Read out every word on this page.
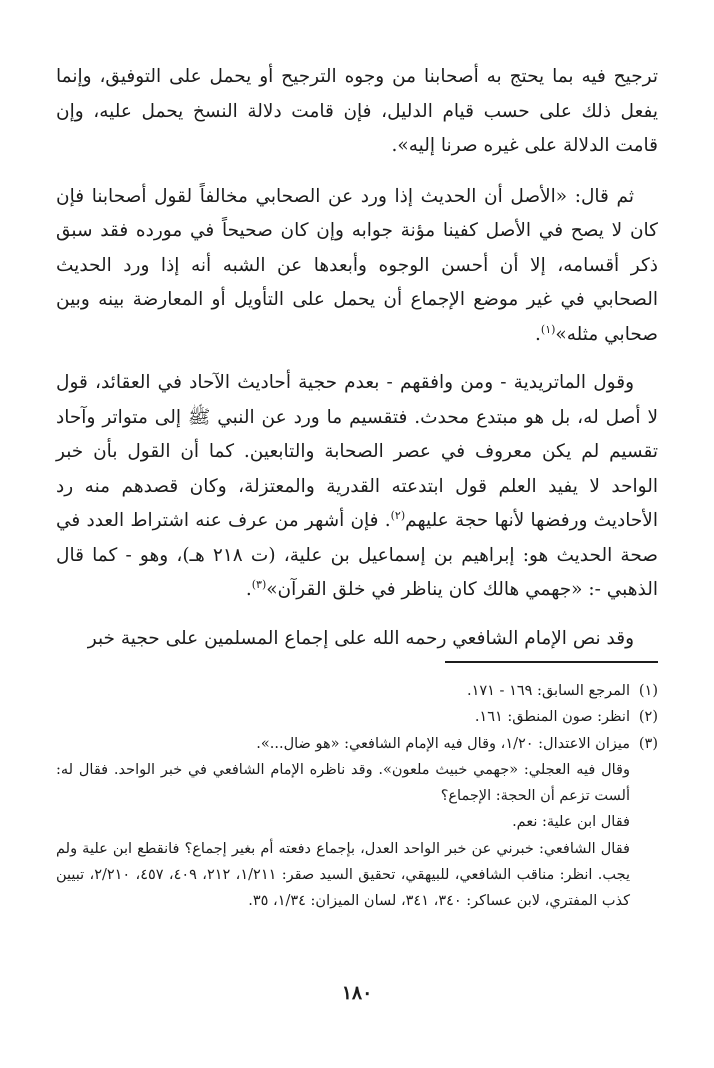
ترجيح فيه بما يحتج به أصحابنا من وجوه الترجيح أو يحمل على التوفيق، وإنما يفعل ذلك على حسب قيام الدليل، فإن قامت دلالة النسخ يحمل عليه، وإن قامت الدلالة على غيره صرنا إليه».

ثم قال: «الأصل أن الحديث إذا ورد عن الصحابي مخالفاً لقول أصحابنا فإن كان لا يصح في الأصل كفينا مؤنة جوابه وإن كان صحيحاً في مورده فقد سبق ذكر أقسامه، إلا أن أحسن الوجوه وأبعدها عن الشبه أنه إذا ورد الحديث الصحابي في غير موضع الإجماع أن يحمل على التأويل أو المعارضة بينه وبين صحابي مثله»$^{(١)}$.

وقول الماتريدية - ومن وافقهم - بعدم حجية أحاديث الآحاد في العقائد، قول لا أصل له، بل هو مبتدع محدث. فتقسيم ما ورد عن النبي ﷺ إلى متواتر وآحاد تقسيم لم يكن معروف في عصر الصحابة والتابعين. كما أن القول بأن خبر الواحد لا يفيد العلم قول ابتدعته القدرية والمعتزلة، وكان قصدهم منه رد الأحاديث ورفضها لأنها حجة عليهم$^{(٢)}$. فإن أشهر من عرف عنه اشتراط العدد في صحة الحديث هو: إبراهيم بن إسماعيل بن علية، (ت ٢١٨ هـ)، وهو - كما قال الذهبي -: «جهمي هالك كان يناظر في خلق القرآن»$^{(٣)}$.

وقد نص الإمام الشافعي رحمه الله على إجماع المسلمين على حجية خبر

(١)
المرجع السابق: ١٦٩ - ١٧١.
(٢)
انظر: صون المنطق: ١٦١.
(٣)
ميزان الاعتدال: ١/٢٠، وقال فيه الإمام الشافعي: «هو ضال...».
وقال فيه العجلي: «جهمي خبيث ملعون». وقد ناظره الإمام الشافعي في خبر الواحد. فقال له: ألست تزعم أن الحجة: الإجماع؟
فقال ابن علية: نعم.
فقال الشافعي: خبرني عن خبر الواحد العدل، بإجماع دفعته أم بغير إجماع؟ فانقطع ابن علية ولم يجب. انظر: مناقب الشافعي، للبيهقي، تحقيق السيد صقر: ١/٢١١، ٢١٢، ٤٠٩، ٤٥٧، ٢/٢١٠، تبيين كذب المفتري، لابن عساكر: ٣٤٠، ٣٤١، لسان الميزان: ١/٣٤، ٣٥.
١٨٠
